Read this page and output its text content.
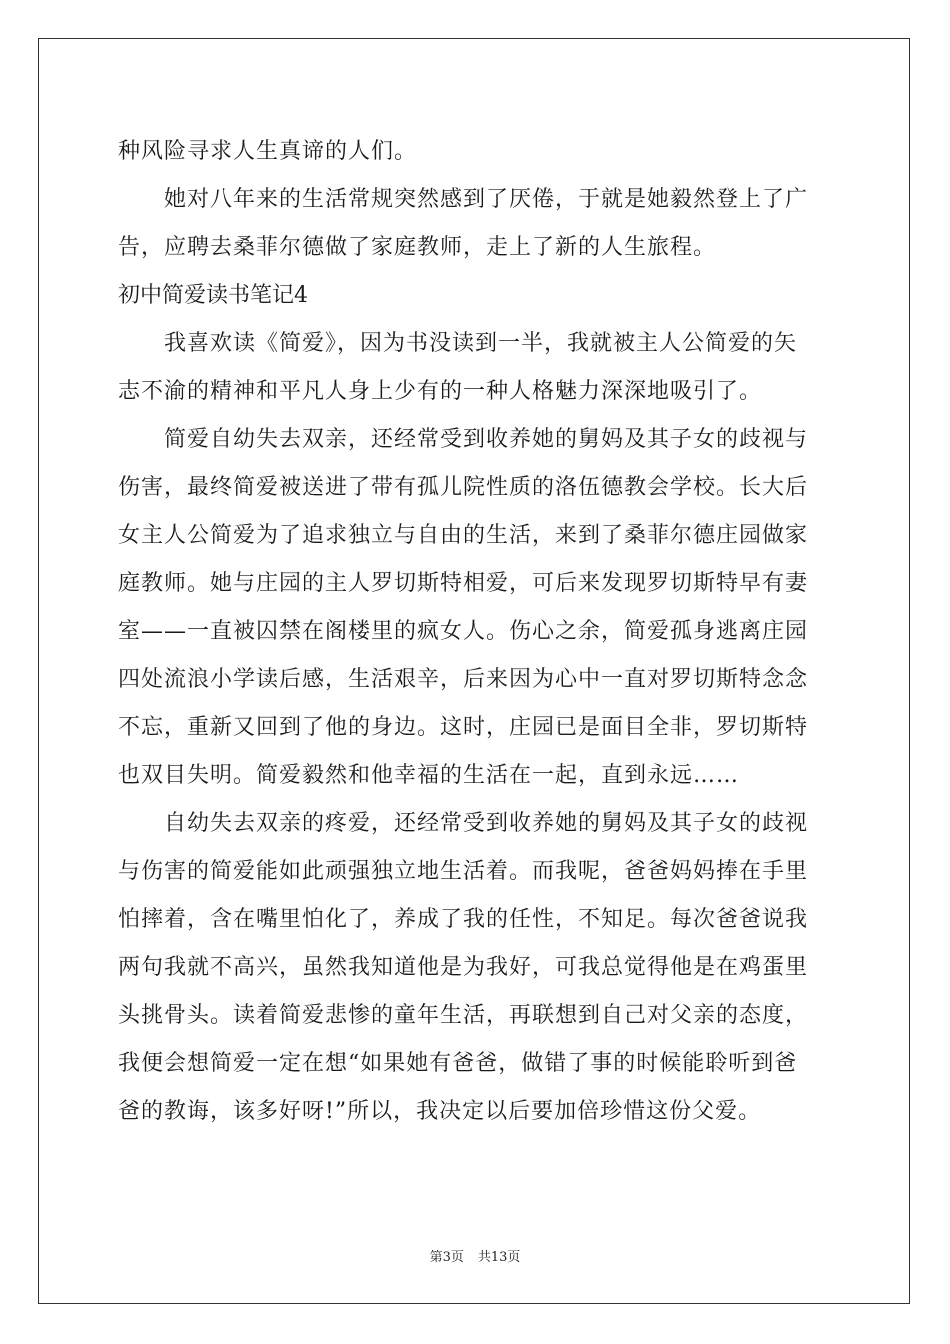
种风险寻求人生真谛的人们。
她对八年来的生活常规突然感到了厌倦，于就是她毅然登上了广
告，应聘去桑菲尔德做了家庭教师，走上了新的人生旅程。
初中简爱读书笔记4
我喜欢读《简爱》，因为书没读到一半，我就被主人公简爱的矢
志不渝的精神和平凡人身上少有的一种人格魅力深深地吸引了。
简爱自幼失去双亲，还经常受到收养她的舅妈及其子女的歧视与
伤害，最终简爱被送进了带有孤儿院性质的洛伍德教会学校。长大后
女主人公简爱为了追求独立与自由的生活，来到了桑菲尔德庄园做家
庭教师。她与庄园的主人罗切斯特相爱，可后来发现罗切斯特早有妻
室——一直被囚禁在阁楼里的疯女人。伤心之余，简爱孤身逃离庄园
四处流浪小学读后感，生活艰辛，后来因为心中一直对罗切斯特念念
不忘，重新又回到了他的身边。这时，庄园已是面目全非，罗切斯特
也双目失明。简爱毅然和他幸福的生活在一起，直到永远……
自幼失去双亲的疼爱，还经常受到收养她的舅妈及其子女的歧视
与伤害的简爱能如此顽强独立地生活着。而我呢，爸爸妈妈捧在手里
怕摔着，含在嘴里怕化了，养成了我的任性，不知足。每次爸爸说我
两句我就不高兴，虽然我知道他是为我好，可我总觉得他是在鸡蛋里
头挑骨头。读着简爱悲惨的童年生活，再联想到自己对父亲的态度，
我便会想简爱一定在想“如果她有爸爸，做错了事的时候能聆听到爸
爸的教诲，该多好呀!”所以，我决定以后要加倍珍惜这份父爱。
第3页 共13页
